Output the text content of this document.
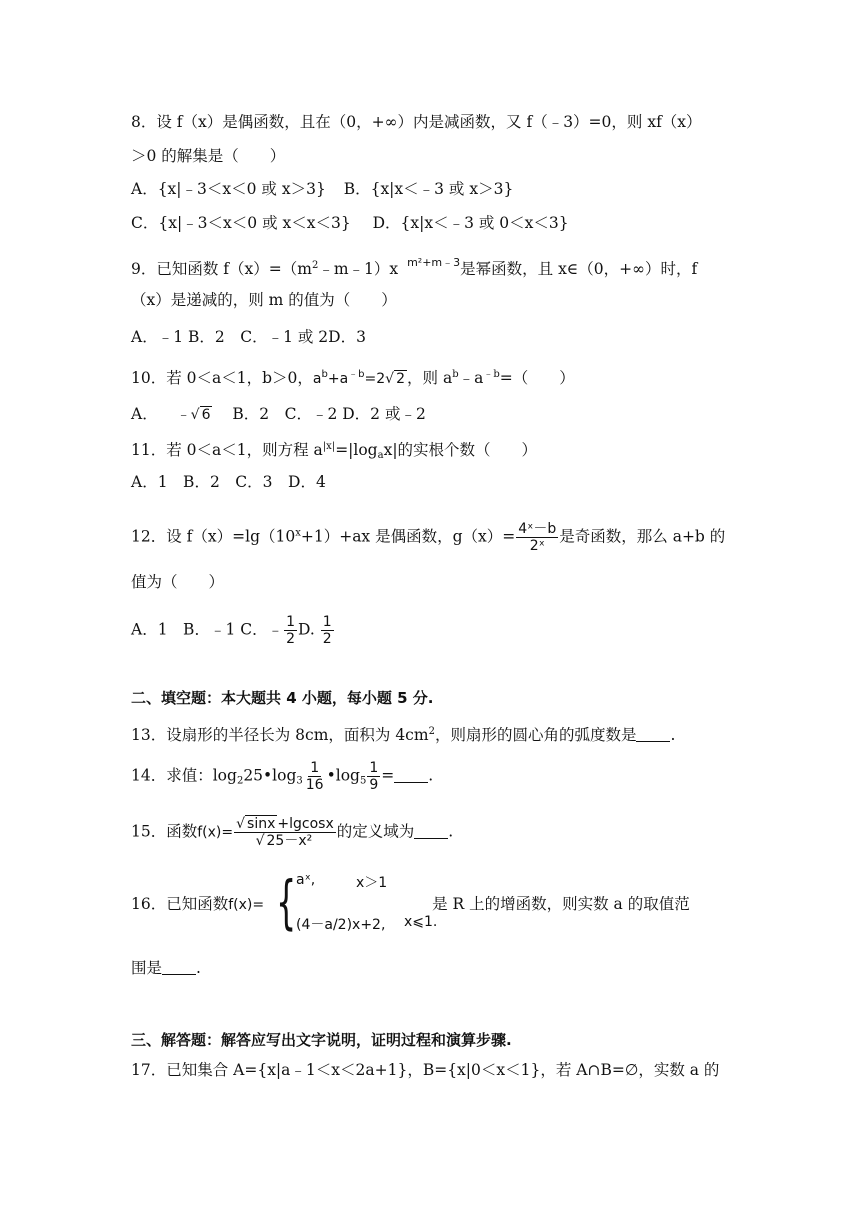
8．设 f（x）是偶函数，且在（0，+∞）内是减函数，又 f（﹣3）=0，则 xf（x）
＞0 的解集是（　　）
A．{x|﹣3＜x＜0 或 x＞3} B．{x|x＜﹣3 或 x＞3}
C．{x|﹣3＜x＜0 或 x＜x＜3} D．{x|x＜﹣3 或 0＜x＜3}
9．已知函数 $f(x)=(m^2﹣m﹣1)x$ $^{m^2+m﹣3}$是幂函数，且 x∈（0，+∞）时，f
（x）是递减的，则 m 的值为（　　）
A．﹣1 B．2　C．﹣1 或 2D．3
10．若 0＜a＜1，b＞0，$a^b+a^{﹣b}=2√$ 2 ，则 $a^b﹣a^{﹣b}=$（　　）
A． ﹣√ 6 B．2　C．﹣2 D．2 或﹣2
11．若 0＜a＜1，则方程 $a^{|x|}=|\log_ax|$的实根个数（　　）
A．1　B．2　C．3　D．4
12．设 $f(x)=\lg(10^x+1)+ax$ 是偶函数，$g(x)= \frac{\text{4ˣ－b}}{\text{2ˣ}}$ 是奇函数，那么 a+b 的
值为（　　）
A．1　B．﹣1 C．﹣ $\frac{1}{2} D$. $\frac{1}{2}$
二、填空题：本大题共 4 小题，每小题 5 分.
13．设扇形的半径长为 8cm，面积为 $4cm^2$，则扇形的圆心角的弧度数是 .
14．求值：$\log_225•\log_3 \frac{1}{16}$ $•\log_5 \frac{1}{9}$ = .
15．函数$f(x)= \frac{√ \sin x +lgcosx}{\text{√ 25－x²}}$ 的定义域为 .
16．已知函数f(x)=	是 R 上的增函数，则实数 a 的取值范
{ aˣ,	x＞1
(4－a/2)x+2, x⩽1.
围是 .
三、解答题：解答应写出文字说明，证明过程和演算步骤.
17．已知集合 A={x|a﹣1＜x＜2a+1}，B={x|0＜x＜1}，若 A∩B=∅，实数 a 的
